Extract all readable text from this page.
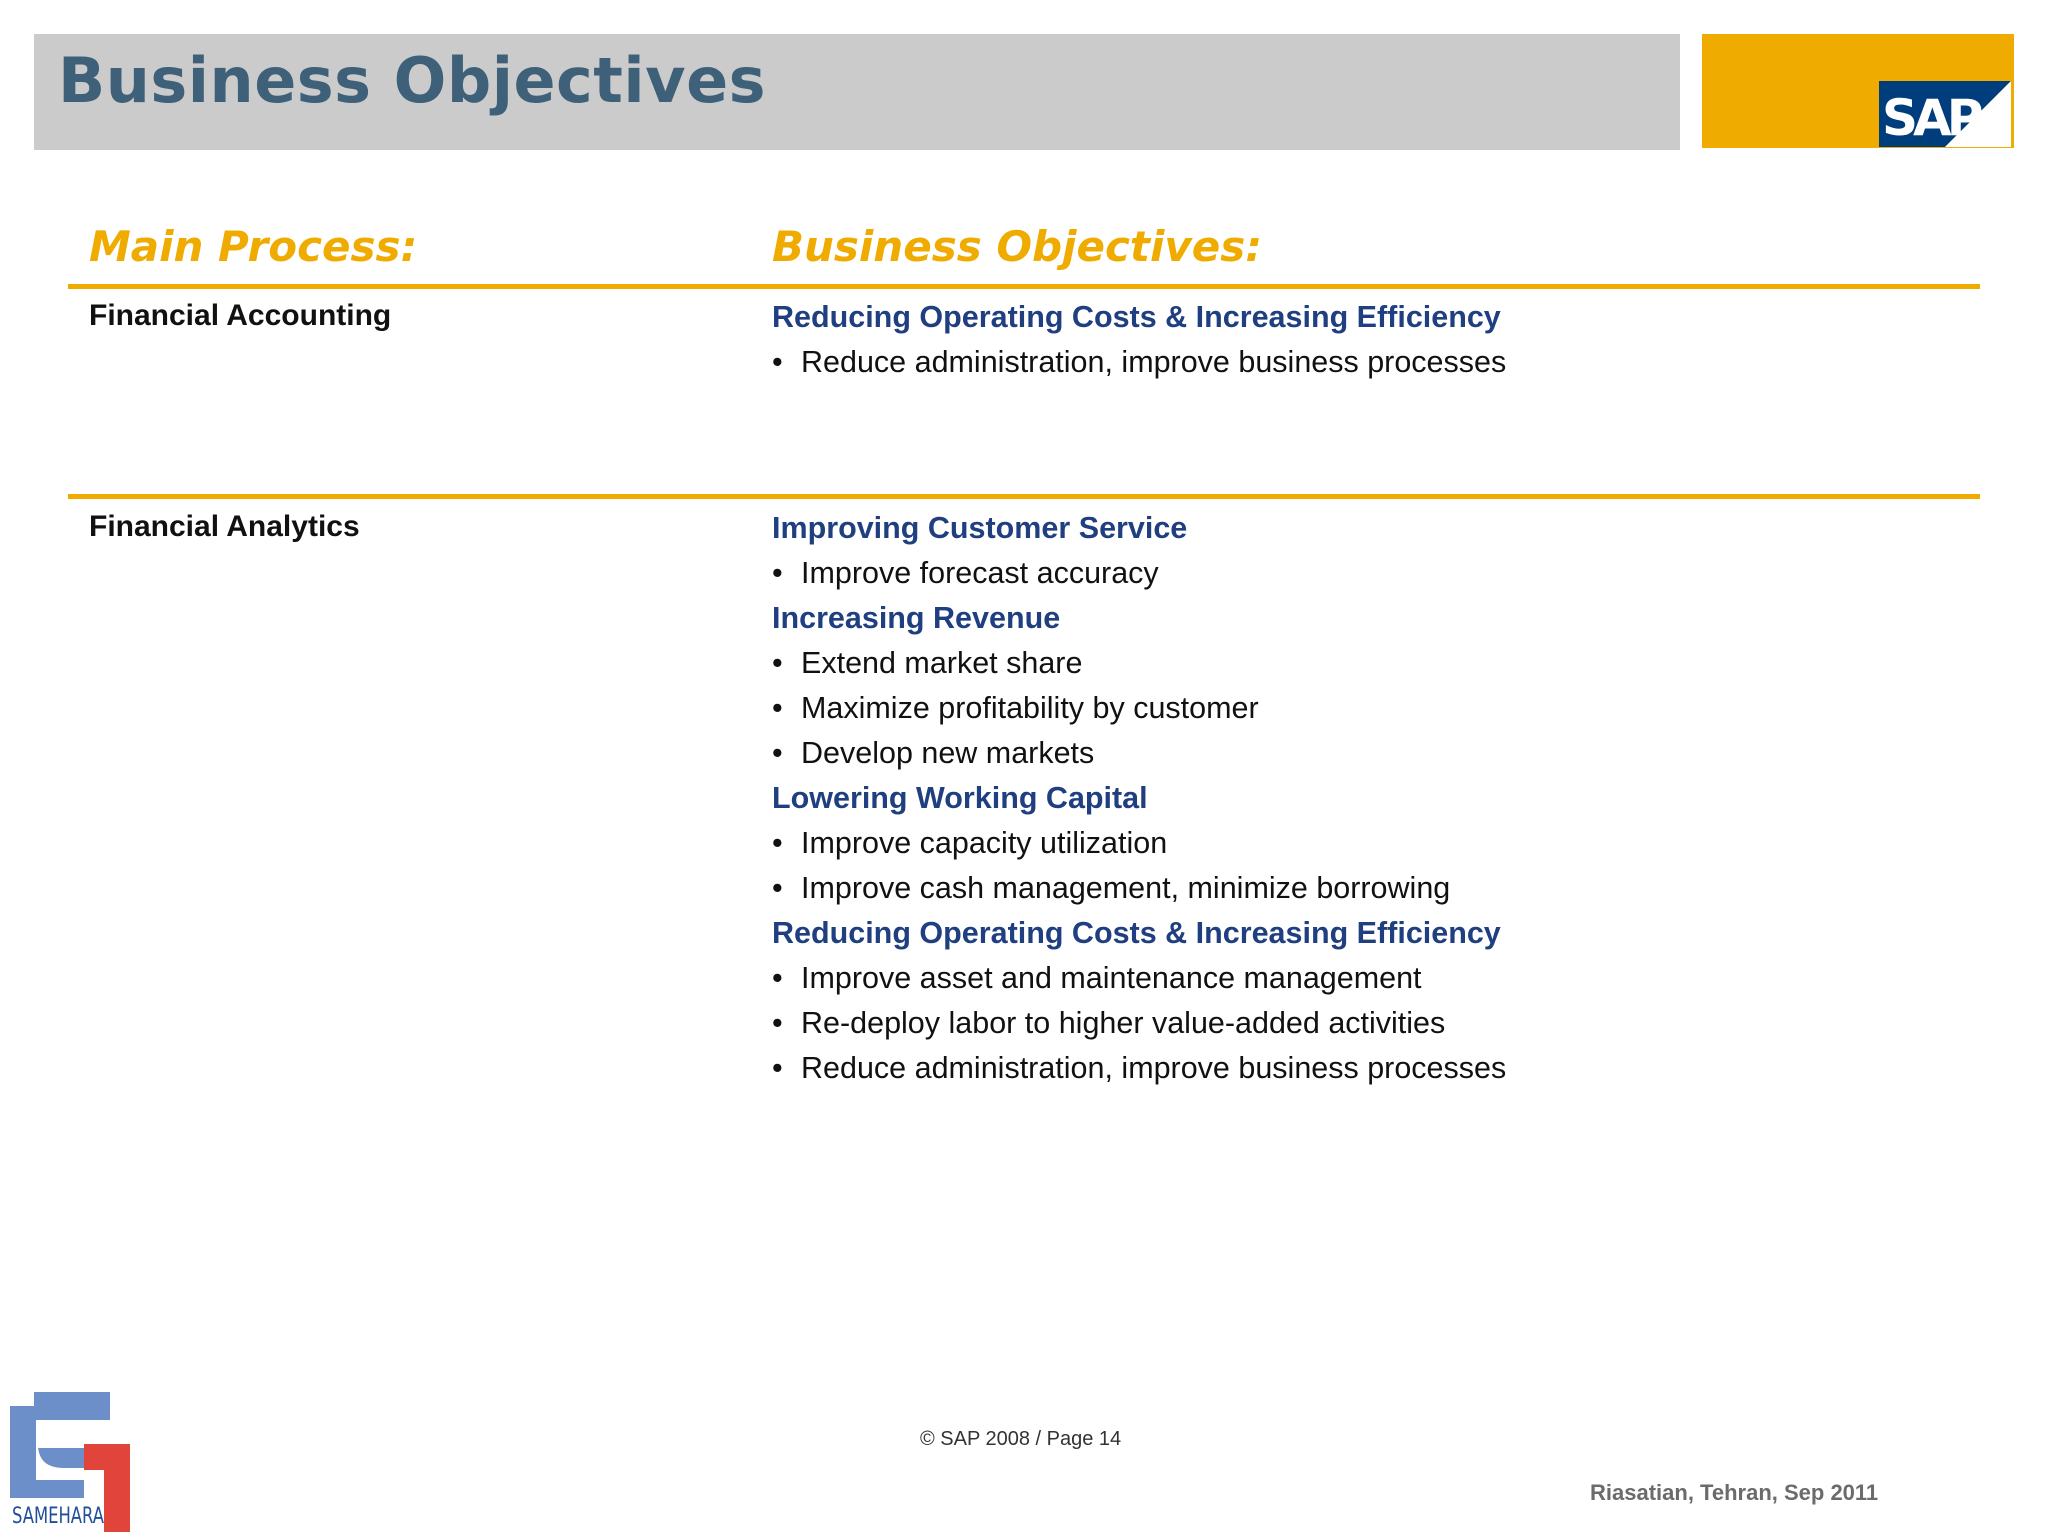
Business Objectives
SAP
Main Process:	Business Objectives:
Financial Accounting	Reducing Operating Costs & Increasing Efficiency
• Reduce administration, improve business processes
Financial Analytics	Improving Customer Service
• Improve forecast accuracy
Increasing Revenue
• Extend market share
• Maximize profitability by customer
• Develop new markets
Lowering Working Capital
• Improve capacity utilization
• Improve cash management, minimize borrowing
Reducing Operating Costs & Increasing Efficiency
• Improve asset and maintenance management
• Re-deploy labor to higher value-added activities
• Reduce administration, improve business processes
SAMEHARA
© SAP 2008 / Page 14
Riasatian, Tehran, Sep 2011
